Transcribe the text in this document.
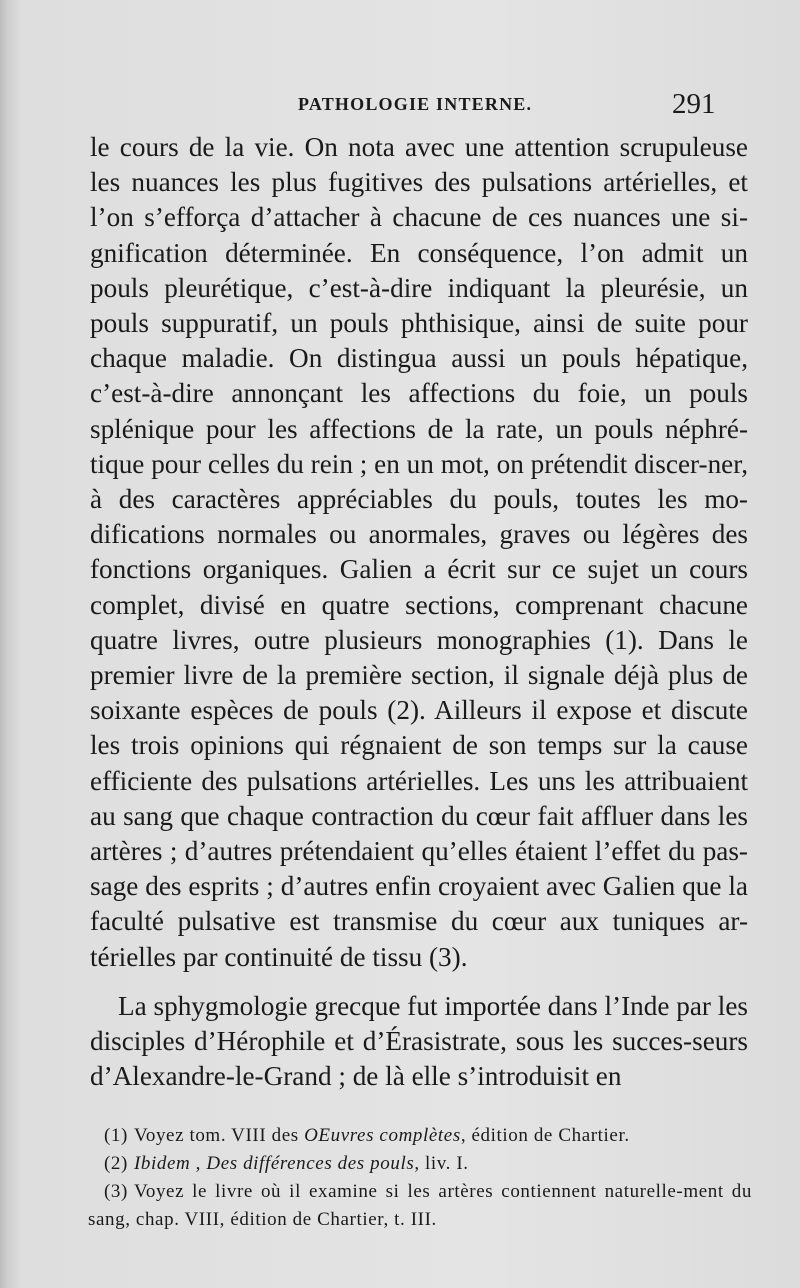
PATHOLOGIE INTERNE.	291

le cours de la vie. On nota avec une attention scrupuleuse les nuances les plus fugitives des pulsations artérielles, et l’on s’efforça d’attacher à chacune de ces nuances une si-gnification déterminée. En conséquence, l’on admit un pouls pleurétique, c’est-à-dire indiquant la pleurésie, un pouls suppuratif, un pouls phthisique, ainsi de suite pour chaque maladie. On distingua aussi un pouls hépatique, c’est-à-dire annonçant les affections du foie, un pouls splénique pour les affections de la rate, un pouls néphré-tique pour celles du rein ; en un mot, on prétendit discer-ner, à des caractères appréciables du pouls, toutes les mo-difications normales ou anormales, graves ou légères des fonctions organiques. Galien a écrit sur ce sujet un cours complet, divisé en quatre sections, comprenant chacune quatre livres, outre plusieurs monographies (1). Dans le premier livre de la première section, il signale déjà plus de soixante espèces de pouls (2). Ailleurs il expose et discute les trois opinions qui régnaient de son temps sur la cause efficiente des pulsations artérielles. Les uns les attribuaient au sang que chaque contraction du cœur fait affluer dans les artères ; d’autres prétendaient qu’elles étaient l’effet du pas-sage des esprits ; d’autres enfin croyaient avec Galien que la faculté pulsative est transmise du cœur aux tuniques ar-térielles par continuité de tissu (3).

La sphygmologie grecque fut importée dans l’Inde par les disciples d’Hérophile et d’Érasistrate, sous les succes-seurs d’Alexandre-le-Grand ; de là elle s’introduisit en

(1) Voyez tom. VIII des OEuvres complètes, édition de Chartier.

(2) Ibidem , Des différences des pouls, liv. I.

(3) Voyez le livre où il examine si les artères contiennent naturelle-ment du sang, chap. VIII, édition de Chartier, t. III.
